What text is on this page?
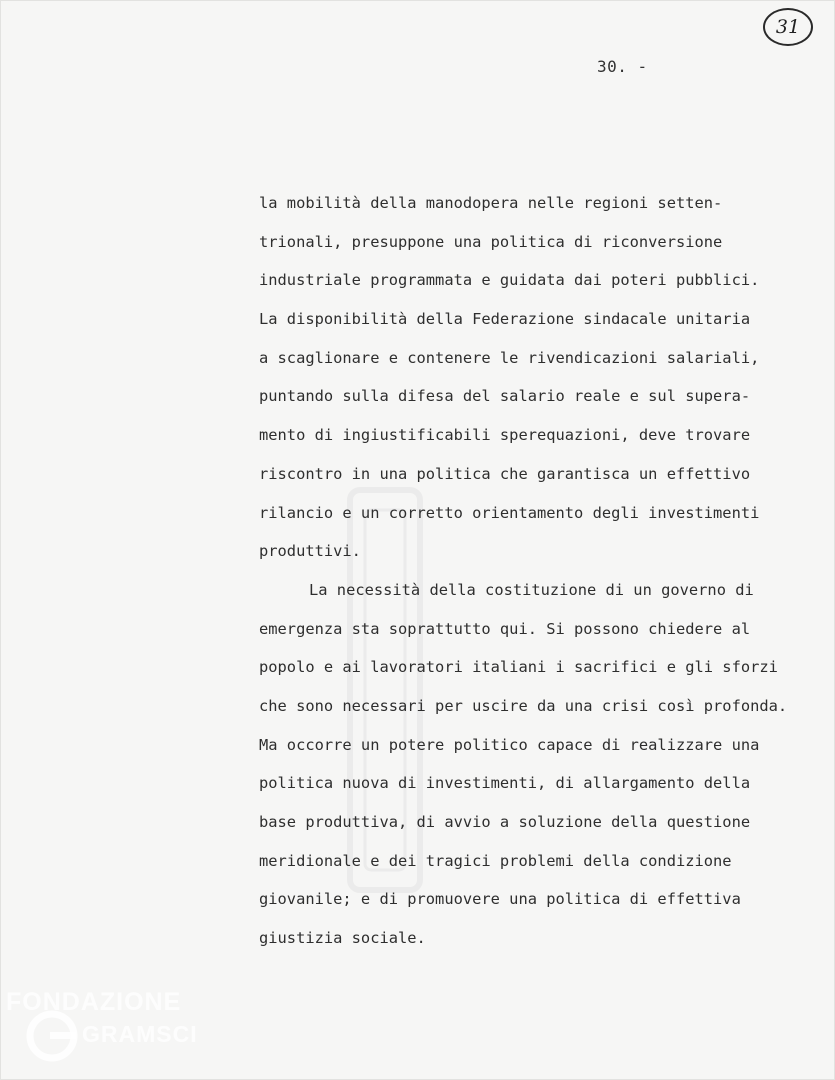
31
30. -
la mobilità della manodopera nelle regioni setten-
trionali, presuppone una politica di riconversione
industriale programmata e guidata dai poteri pubblici.
La disponibilità della Federazione sindacale unitaria
a scaglionare e contenere le rivendicazioni salariali,
puntando sulla difesa del salario reale e sul supera-
mento di ingiustificabili sperequazioni, deve trovare
riscontro in una politica che garantisca un effettivo
rilancio e un corretto orientamento degli investimenti
produttivi.
La necessità della costituzione di un governo di
emergenza sta soprattutto qui. Si possono chiedere al
popolo e ai lavoratori italiani i sacrifici e gli sforzi
che sono necessari per uscire da una crisi così profonda.
Ma occorre un potere politico capace di realizzare una
politica nuova di investimenti, di allargamento della
base produttiva, di avvio a soluzione della questione
meridionale e dei tragici problemi della condizione
giovanile; e di promuovere una politica di effettiva
giustizia sociale.
FONDAZIONE
GRAMSCI
